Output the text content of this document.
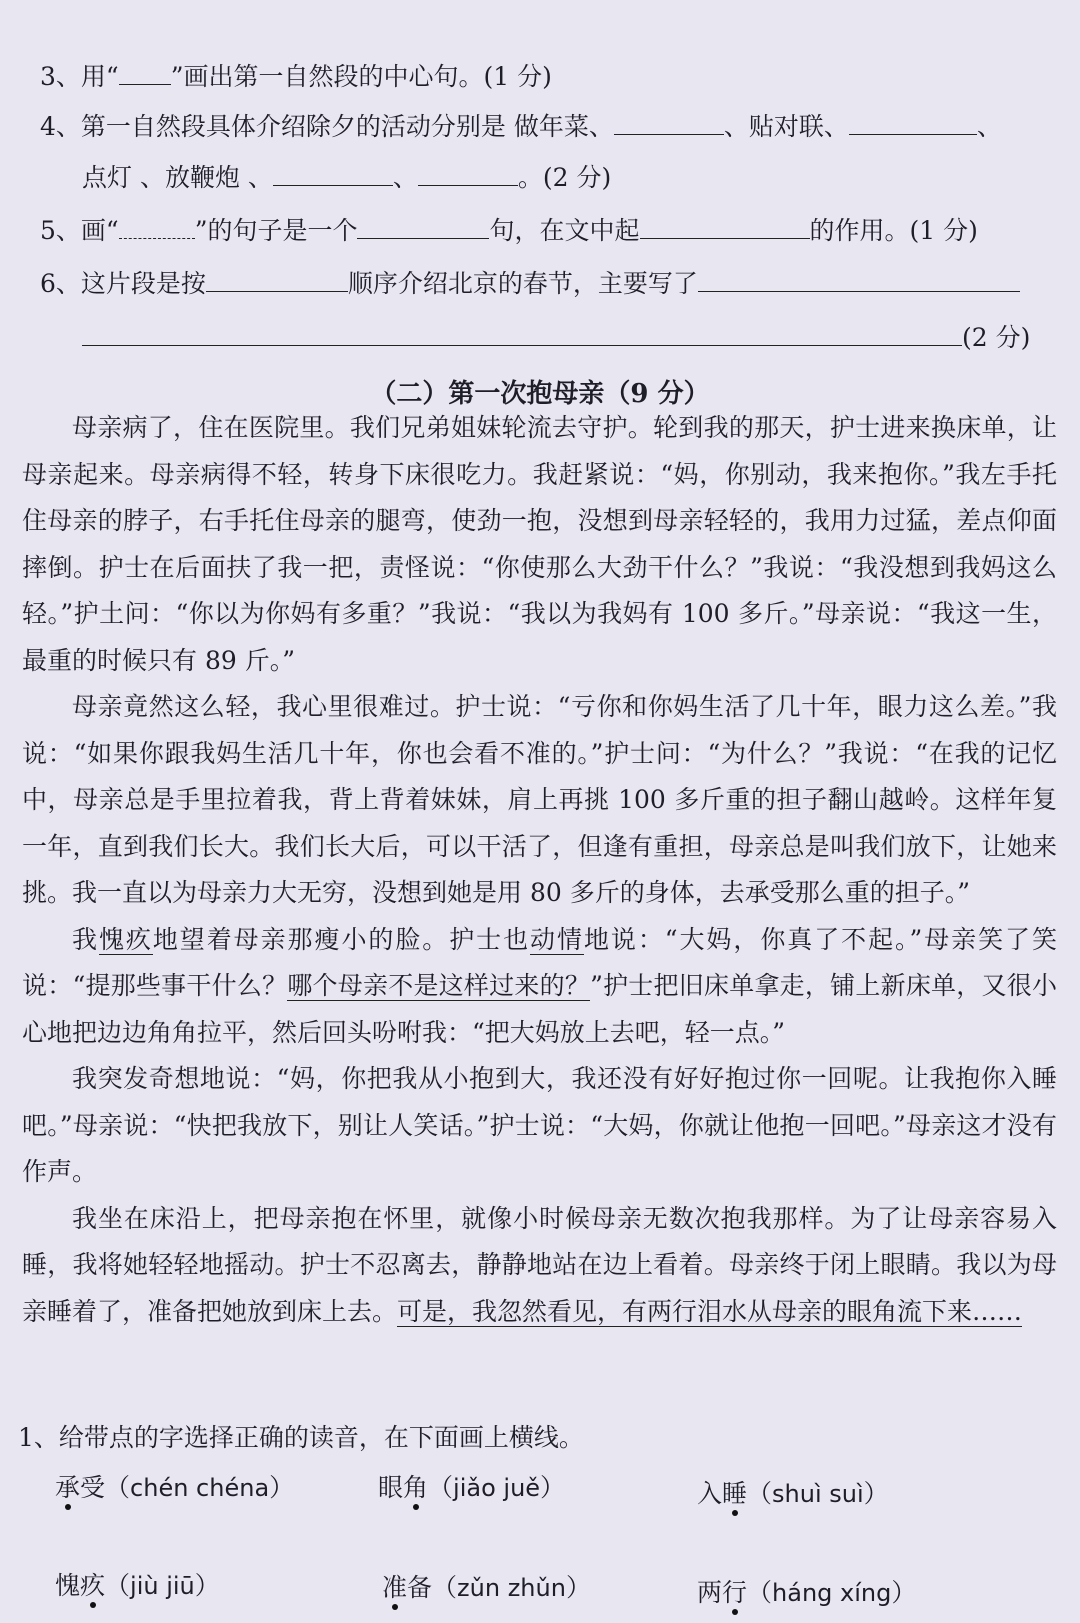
3、用“ ”画出第一自然段的中心句。(1 分)
4、第一自然段具体介绍除夕的活动分别是 做年菜、	、贴对联、	、
点灯 、放鞭炮 、	、	。(2 分)
5、画“	”的句子是一个	句，在文中起	的作用。(1 分)
6、这片段是按	顺序介绍北京的春节，主要写了
(2 分)
（二）第一次抱母亲（9 分）

母亲病了，住在医院里。我们兄弟姐妹轮流去守护。轮到我的那天，护士进来换床单，让母亲起来。母亲病得不轻，转身下床很吃力。我赶紧说：“妈，你别动，我来抱你。”我左手托住母亲的脖子，右手托住母亲的腿弯，使劲一抱，没想到母亲轻轻的，我用力过猛，差点仰面摔倒。护士在后面扶了我一把，责怪说：“你使那么大劲干什么？”我说：“我没想到我妈这么轻。”护土问：“你以为你妈有多重？”我说：“我以为我妈有 100 多斤。”母亲说：“我这一生，最重的时候只有 89 斤。”

母亲竟然这么轻，我心里很难过。护士说：“亏你和你妈生活了几十年，眼力这么差。”我说：“如果你跟我妈生活几十年，你也会看不准的。”护士问：“为什么？”我说：“在我的记忆中，母亲总是手里拉着我，背上背着妹妹，肩上再挑 100 多斤重的担子翻山越岭。这样年复一年，直到我们长大。我们长大后，可以干活了，但逢有重担，母亲总是叫我们放下，让她来挑。我一直以为母亲力大无穷，没想到她是用 80 多斤的身体，去承受那么重的担子。”

我愧疚地望着母亲那瘦小的脸。护士也动情地说：“大妈，你真了不起。”母亲笑了笑说：“提那些事干什么？哪个母亲不是这样过来的？”护士把旧床单拿走，铺上新床单，又很小心地把边边角角拉平，然后回头吩咐我：“把大妈放上去吧，轻一点。”

我突发奇想地说：“妈，你把我从小抱到大，我还没有好好抱过你一回呢。让我抱你入睡吧。”母亲说：“快把我放下，别让人笑话。”护士说：“大妈，你就让他抱一回吧。”母亲这才没有作声。

我坐在床沿上，把母亲抱在怀里，就像小时候母亲无数次抱我那样。为了让母亲容易入睡，我将她轻轻地摇动。护士不忍离去，静静地站在边上看着。母亲终于闭上眼睛。我以为母亲睡着了，准备把她放到床上去。可是，我忽然看见，有两行泪水从母亲的眼角流下来……

1、给带点的字选择正确的读音，在下面画上横线。
承受（chén chéna）	眼角（jiǎo juě）	入睡（shuì suì）
愧疚（jiù jiū）	准备（zǔn zhǔn）	两行（háng xíng）
